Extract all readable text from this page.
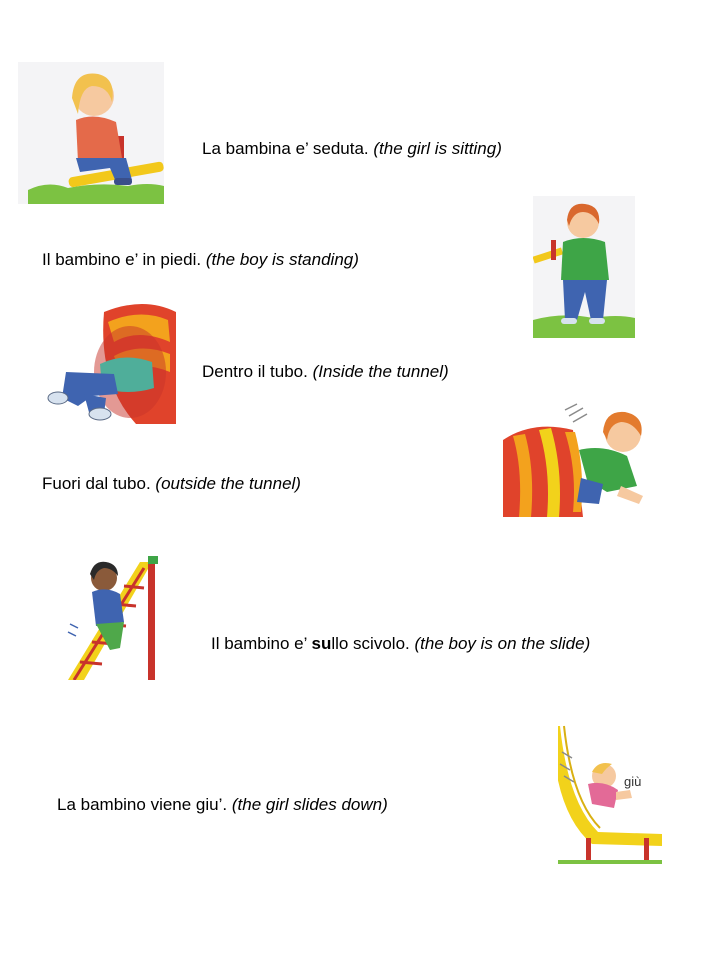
La bambina e’ seduta. (the girl is sitting)
Il bambino e’ in piedi. (the boy is standing)
Dentro il tubo. (Inside the tunnel)
Fuori dal tubo. (outside the tunnel)
Il bambino e’ sullo scivolo. (the boy is on the slide)
La bambino viene giu’. (the girl slides down)
giù
